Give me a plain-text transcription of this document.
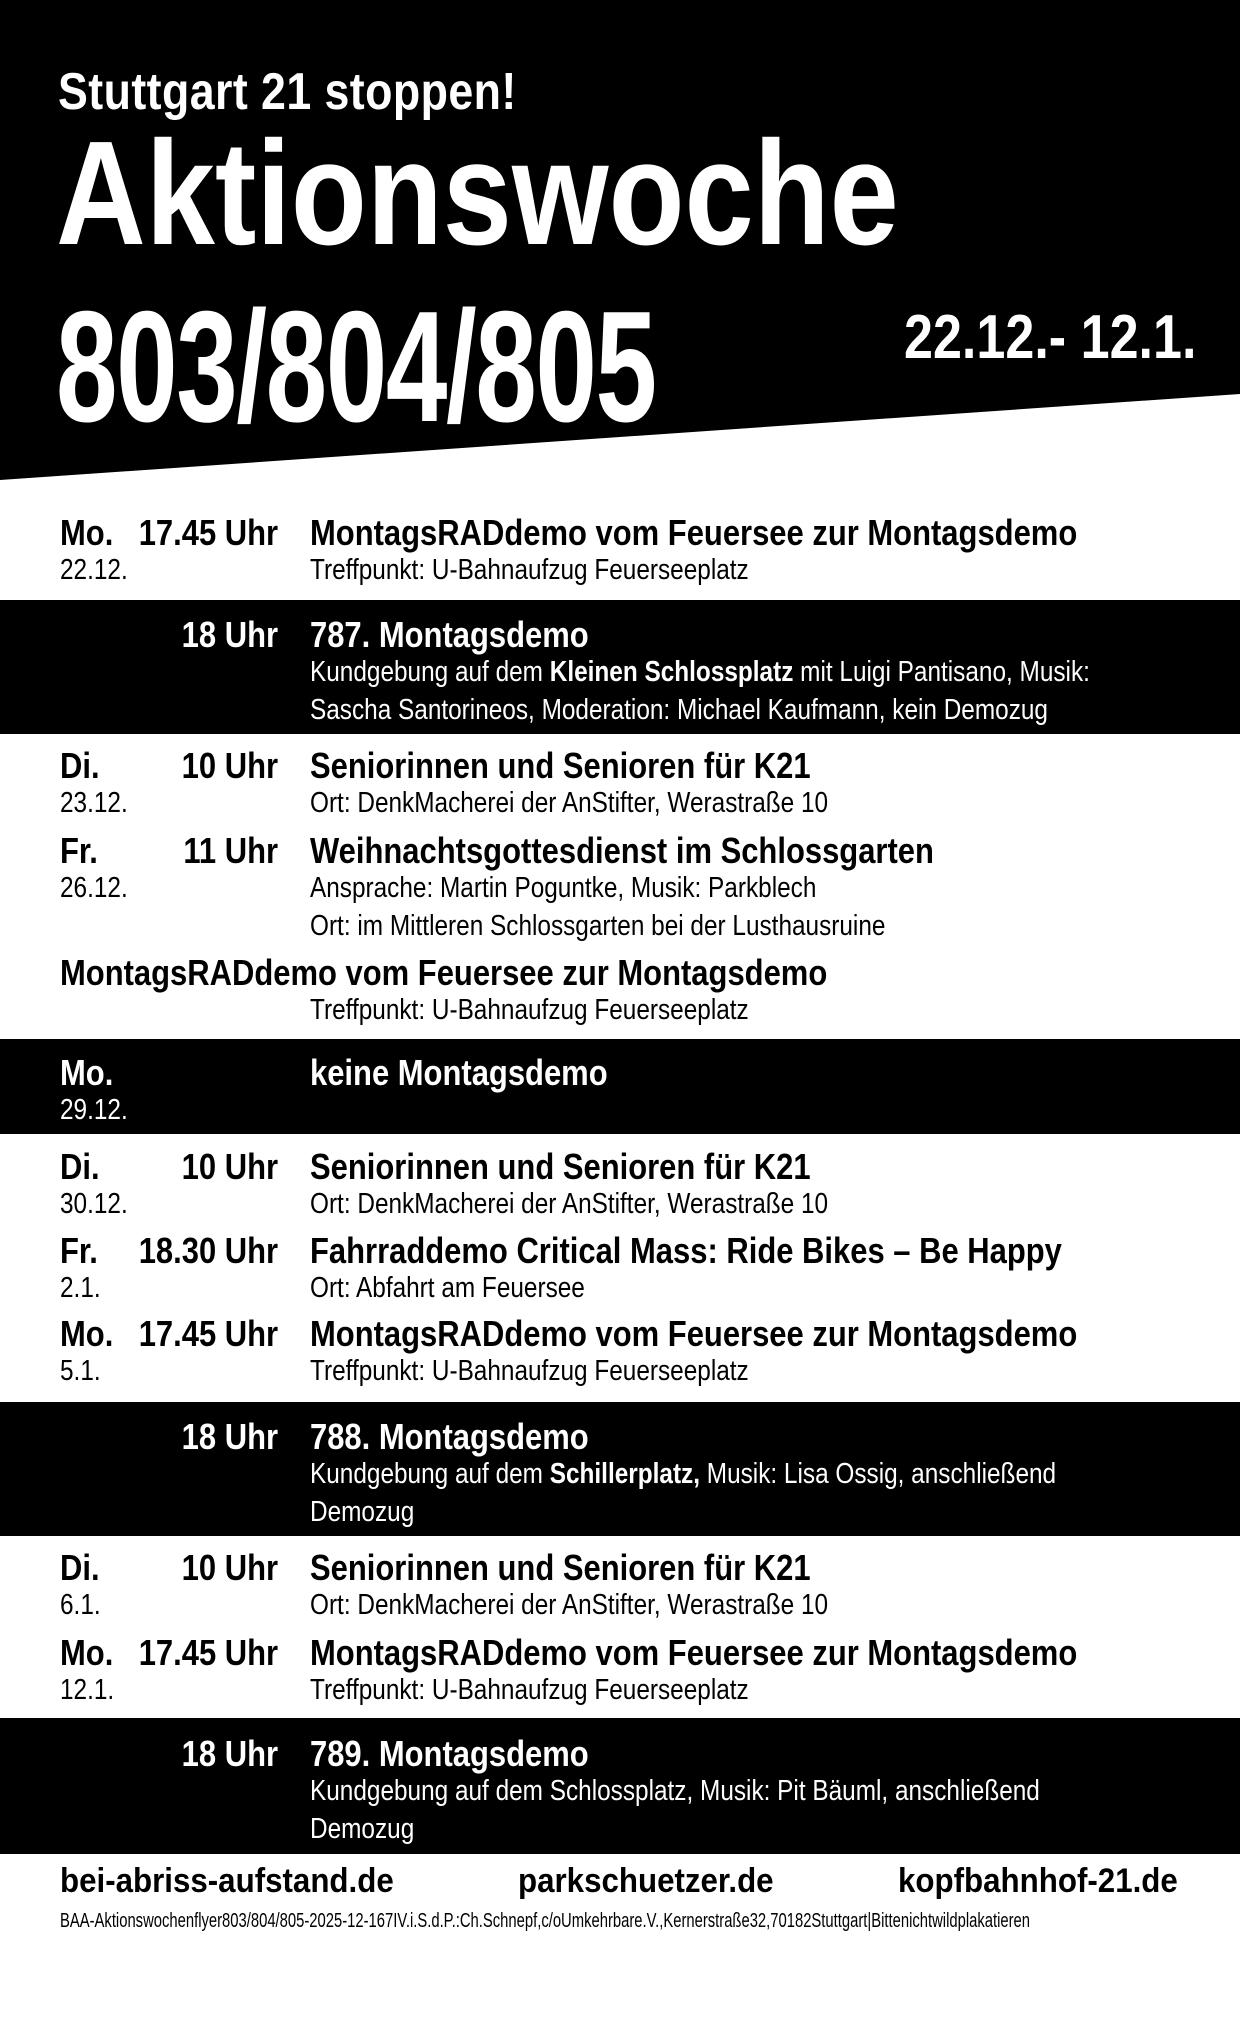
Stuttgart 21 stoppen!
Aktionswoche
803/804/805	22.12.- 12.1.
Mo. 17.45 Uhr MontagsRADdemo vom Feuersee zur Montagsdemo
22.12.	Treffpunkt: U-Bahnaufzug Feuerseeplatz
18 Uhr 787. Montagsdemo
Kundgebung auf dem Kleinen Schlossplatz mit Luigi Pantisano, Musik:
Sascha Santorineos, Moderation: Michael Kaufmann, kein Demozug
Di. 10 Uhr Seniorinnen und Senioren für K21
23.12.	Ort: DenkMacherei der AnStifter, Werastraße 10
Fr. 11 Uhr Weihnachtsgottesdienst im Schlossgarten
26.12.	Ansprache: Martin Poguntke, Musik: Parkblech
Ort: im Mittleren Schlossgarten bei der Lusthausruine
MontagsRADdemo vom Feuersee zur Montagsdemo
Treffpunkt: U-Bahnaufzug Feuerseeplatz
Mo.	keine Montagsdemo
29.12.
Di. 10 Uhr Seniorinnen und Senioren für K21
30.12.	Ort: DenkMacherei der AnStifter, Werastraße 10
Fr. 18.30 Uhr Fahrraddemo Critical Mass: Ride Bikes – Be Happy
2.1.	Ort: Abfahrt am Feuersee
Mo. 17.45 Uhr MontagsRADdemo vom Feuersee zur Montagsdemo
5.1.	Treffpunkt: U-Bahnaufzug Feuerseeplatz
18 Uhr 788. Montagsdemo
Kundgebung auf dem Schillerplatz, Musik: Lisa Ossig, anschließend
Demozug
Di. 10 Uhr Seniorinnen und Senioren für K21
6.1.	Ort: DenkMacherei der AnStifter, Werastraße 10
Mo. 17.45 Uhr MontagsRADdemo vom Feuersee zur Montagsdemo
12.1.	Treffpunkt: U-Bahnaufzug Feuerseeplatz
18 Uhr 789. Montagsdemo
Kundgebung auf dem Schlossplatz, Musik: Pit Bäuml, anschließend
Demozug
bei-abriss-aufstand.de	parkschuetzer.de	kopfbahnhof-21.de
BAA-Aktionswochenflyer803/804/805-2025-12-167IV.i.S.d.P.:Ch.Schnepf,c/oUmkehrbare.V.,Kernerstraße32,70182Stuttgart|Bittenichtwildplakatieren
